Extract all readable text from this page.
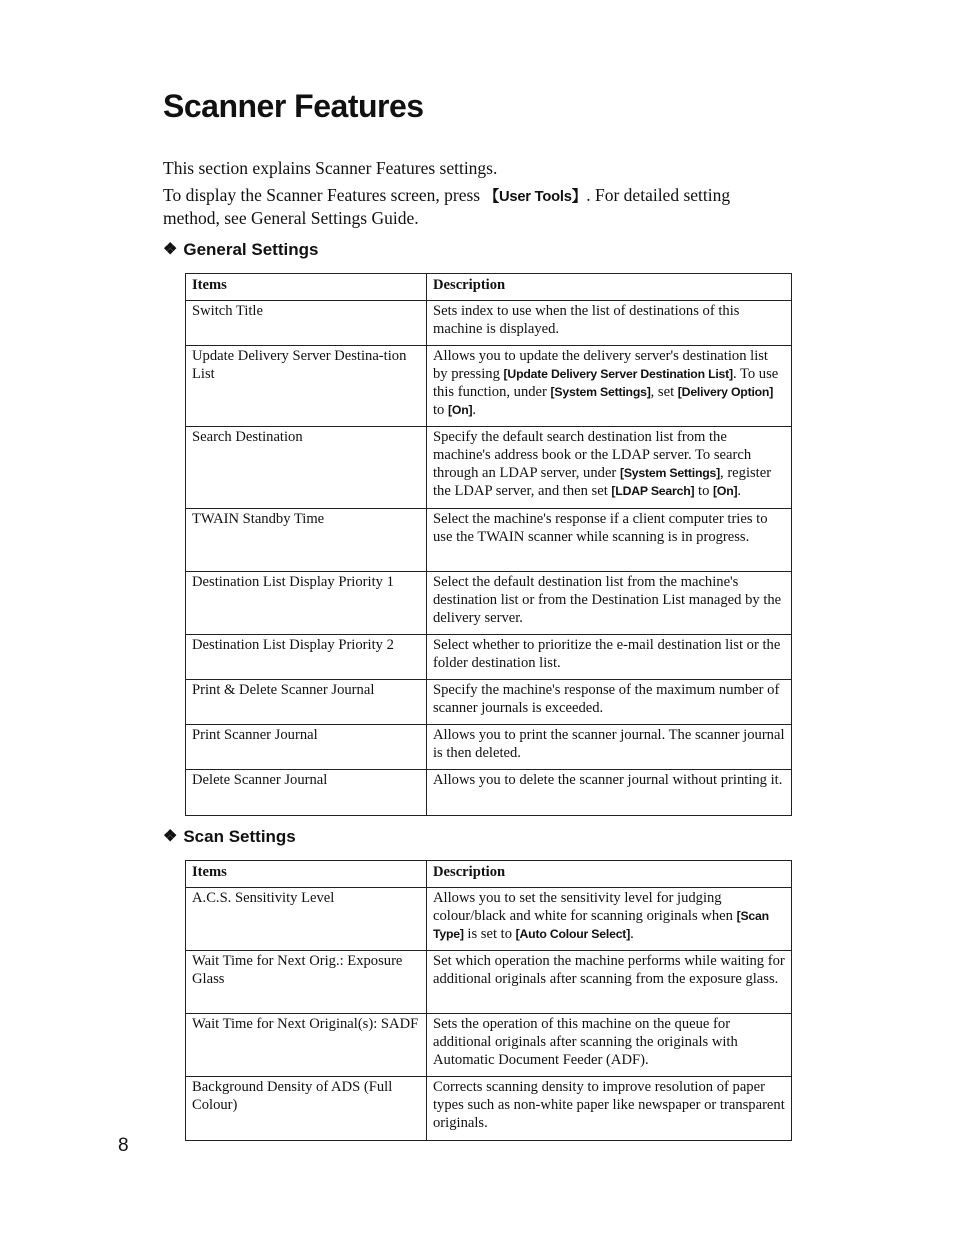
Scanner Features

This section explains Scanner Features settings.

To display the Scanner Features screen, press 【User Tools】. For detailed setting method, see General Settings Guide.

❖ General Settings
Items	Description
Switch Title	Sets index to use when the list of destinations of this machine is displayed.
Update Delivery Server Destina-tion List	Allows you to update the delivery server's destination list by pressing [Update Delivery Server Destination List]. To use this function, under [System Settings], set [Delivery Option] to [On].
Search Destination	Specify the default search destination list from the machine's address book or the LDAP server. To search through an LDAP server, under [System Settings], register the LDAP server, and then set [LDAP Search] to [On].
TWAIN Standby Time	Select the machine's response if a client computer tries to use the TWAIN scanner while scanning is in progress.
Destination List Display Priority 1	Select the default destination list from the machine's destination list or from the Destination List managed by the delivery server.
Destination List Display Priority 2	Select whether to prioritize the e-mail destination list or the folder destination list.
Print & Delete Scanner Journal	Specify the machine's response of the maximum number of scanner journals is exceeded.
Print Scanner Journal	Allows you to print the scanner journal. The scanner journal is then deleted.
Delete Scanner Journal	Allows you to delete the scanner journal without printing it.
❖ Scan Settings
Items	Description
A.C.S. Sensitivity Level	Allows you to set the sensitivity level for judging colour/black and white for scanning originals when [Scan Type] is set to [Auto Colour Select].
Wait Time for Next Orig.: Exposure Glass	Set which operation the machine performs while waiting for additional originals after scanning from the exposure glass.
Wait Time for Next Original(s): SADF	Sets the operation of this machine on the queue for additional originals after scanning the originals with Automatic Document Feeder (ADF).
Background Density of ADS (Full Colour)	Corrects scanning density to improve resolution of paper types such as non-white paper like newspaper or transparent originals.
8
